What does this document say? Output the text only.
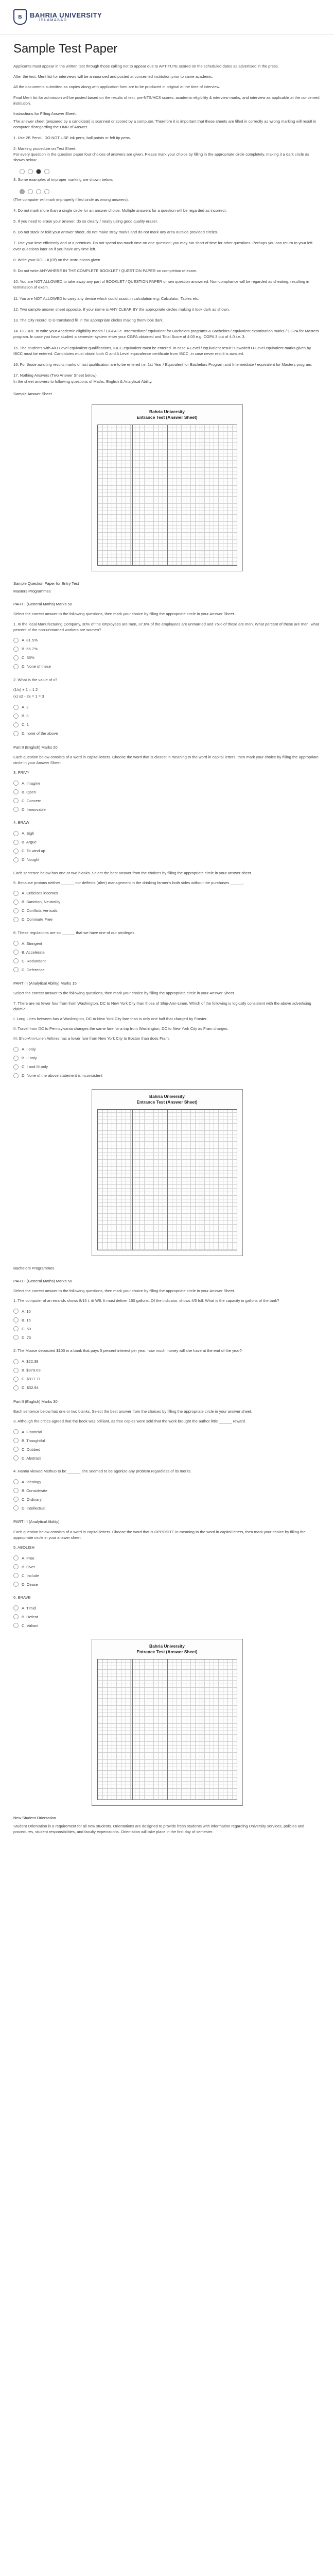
B	BAHRIA UNIVERSITY
ISLAMABAD
Sample Test Paper

Applicants must appear in the written test through those calling not to appear due to APTITUTE scored on the scheduled dates as advertised in the press.

After the test, Merit list for interviews will be announced and posted at concerned institution prior to same academic.

All the documents submitted as copies along with application form are to be produced in original at the time of interview.

Final Merit list for admission will be posted based on the results of test, pre-NTS/HCS scores, academic eligibility & interview marks, and interview as applicable at the concerned institution.

Instructions for Filling Answer Sheet:

The answer sheet (prepared by a candidate) is scanned or scored by a computer. Therefore it is important that these sheets are filled in correctly as wrong marking will result in computer disregarding the OMR of Answer.

1. Use 2B Pencil, DO NOT USE ink pens, ball points or felt tip pens.

2. Marking procedure on Test Sheet:
For every question in the question paper four choices of answers are given. Please mark your choice by filling in the appropriate circle completely, making it a dark circle as shown below:

3. Some examples of improper marking are shown below:

(The computer will mark improperly filled circle as wrong answers).

4. Do not mark more than a single circle for an answer choice. Multiple answers for a question will be regarded as incorrect.

5. If you need to erase your answer, do so clearly / neatly using good quality eraser.

6. Do not stack or fold your answer sheet, do not make stray marks and do not mark any area outside provided circles.

7. Use your time efficiently and at a premium. Do not spend too much time on one question; you may run short of time for other questions. Perhaps you can return to your left over questions later on if you have any time left.

8. Write your ROLL# (Of) on the Instructions given

9. Do not write ANYWHERE IN THE COMPLETE BOOKLET / QUESTION PAPER on completion of exam.

10. You are NOT ALLOWED to take away any part of BOOKLET / QUESTION PAPER or raw question answered. Non-compliance will be regarded as cheating, resulting in termination of exam.

11. You are NOT ALLOWED to carry any device which could assist in calculation e.g. Calculator, Tables etc.

12. Two sample answer sheet opposite. If your name is ANY CLEAR BY the appropriate circles making it look dark as shown.

13. The City record ID is translated fill in the appropriate circles making them look dark.

14. FIGURE to write your Academic eligibility marks / CGPA i.e. Intermediate/ equivalent for Bachelors programs & Bachelors / equivalent examination marks / CGPA for Masters program. In case you have studied a semester system enter your CGPA obtained and Total Score of 4.00 e.g. CGPA 3 out of 4.0 i.e. 3.

15. The students with A/O Level equivalent qualifications, IBCC equivalent must be entered. In case A-Level / equivalent result is awaited O-Level equivalent marks given by IBCC must be entered. Candidates must obtain both O and A Level equivalence certificate from IBCC, in case never result is awaited.

16. For those awaiting results marks of last qualification are to be entered i.e. 1st Year / Equivalent for Bachelors Program and Intermediate / equivalent for Masters program.

17. Nothing Answers (Two Answer Sheet below)
In the sheet answers to following questions of Maths, English & Analytical Ability.

Sample Answer Sheet
Bahria University
Entrance Test (Answer Sheet)

Sample Question Paper for Entry Test

Masters Programmes

PART I (General Maths) Marks 50

Select the correct answer to the following questions, then mark your choice by filling the appropriate circle in your Answer Sheet.

1. In the local Manufacturing Company, 30% of the employees are men, 37.6% of the employees are unmarried and 75% of those are men. What percent of these are men, what percent of the non-unmarried workers are women?

A. 81.5%
B. 56.7%
C. 35%
D. None of these

2. What is the value of x?

(1/x) + 1 = 1 2

(x) x2 - 2x = 1 = 3

A. 2
B. 3
C. 1
D. none of the above

Part II (English) Marks 20

Each question below consists of a word in capital letters. Choose the word that is closest in meaning to the word in capital letters, then mark your choice by filling the appropriate circle in your Answer Sheet.

3. PRIVY

A. Imagine
B. Open
C. Concern
D. Immovable

4. BRAW

A. Sigh
B. Argue
C. To wind up
D. Nought

Each sentence below has one or two blanks. Select the best answer from the choices by filling the appropriate circle in your answer sheet.

5. Because protons neither ______ nor deflects (alter) management in the drinking farmer's both sides without the purchases ______.

A. Criticizes incomes
B. Sanction, Neutrality
C. Conflicts Verticals
D. Dominate Free

6. These regulations are so ______ that we have one of our privileges

A. Stringent
B. Accelerate
C. Redundant
D. Deference

PART III (Analytical Ability) Marks 15

Select the correct answer to the following questions, then mark your choice by filling the appropriate circle in your Answer Sheet.

7. There are no fewer four from from Washington, DC to New York City than those of Ship-Ann-Linen. Which of the following is logically consistent with the above advertising claim?

I. Long Lines between has a Washington, DC to New York City fare than is only one half that charged by Fraster.

II. Travel from DC to Pennsylvania changes the same fare for a trip from Washington, DC to New York City as Fram charges.

III. Ship-Ann-Linen Airlines has a lower fare from New York City to Boston than does Fram.

A. I only
B. II only
C. I and III only
D. None of the above statement is inconsistent
Bahria University
Entrance Test (Answer Sheet)

Bachelors Programmes

PART I (General Maths) Marks 50

Select the correct answer to the following questions, then mark your choice by filling the appropriate circle in your Answer Sheet.

1. The computer of an errands shows 8/15 t. it/ W8. It must deliver 150 gallons. Of the indicator, shows 4/5 full. What is the capacity in gallons of the tank?

A. 10
B. 15
C. 60
D. 75

2. The Moose deposited $100 in a bank that pays 5 percent interest per year, how much money will she have at the end of the year?

A. $22.38
B. $979.03
C. $917.71
D. $32.94

Part II (English) Marks 30

Each sentence below has one or two blanks. Select the best answer from the choices by filling the appropriate circle in your answer sheet.

3. Although the critics agreed that the book was brilliant, as free copies were sold that the work brought the author little ______ reward.

A. Financial
B. Thoughtful
C. Dubbed
D. Abstract

4. Hanna viewed Methuo to be ______ she seemed to be agonize any problem regardless of its merits.

A. Ideology
B. Considerate
C. Ordinary
D. Intellectual

PART III (Analytical Ability)

Each question below consists of a word in capital letters. Choose the word that is OPPOSITE in meaning to the word in capital letters, then mark your choice by filling the appropriate circle in your answer sheet.

5. ABOLISH

A. Free
B. Over
C. Include
D. Cease

6. BRAVE

A. Timid
B. Defeat
C. Valiant
Bahria University
Entrance Test (Answer Sheet)

New Student Orientation

Student Orientation is a requirement for all new students. Orientations are designed to provide fresh students with information regarding University services, policies and procedures, student responsibilities, and faculty expectations. Orientation will take place in the first day of semester.
